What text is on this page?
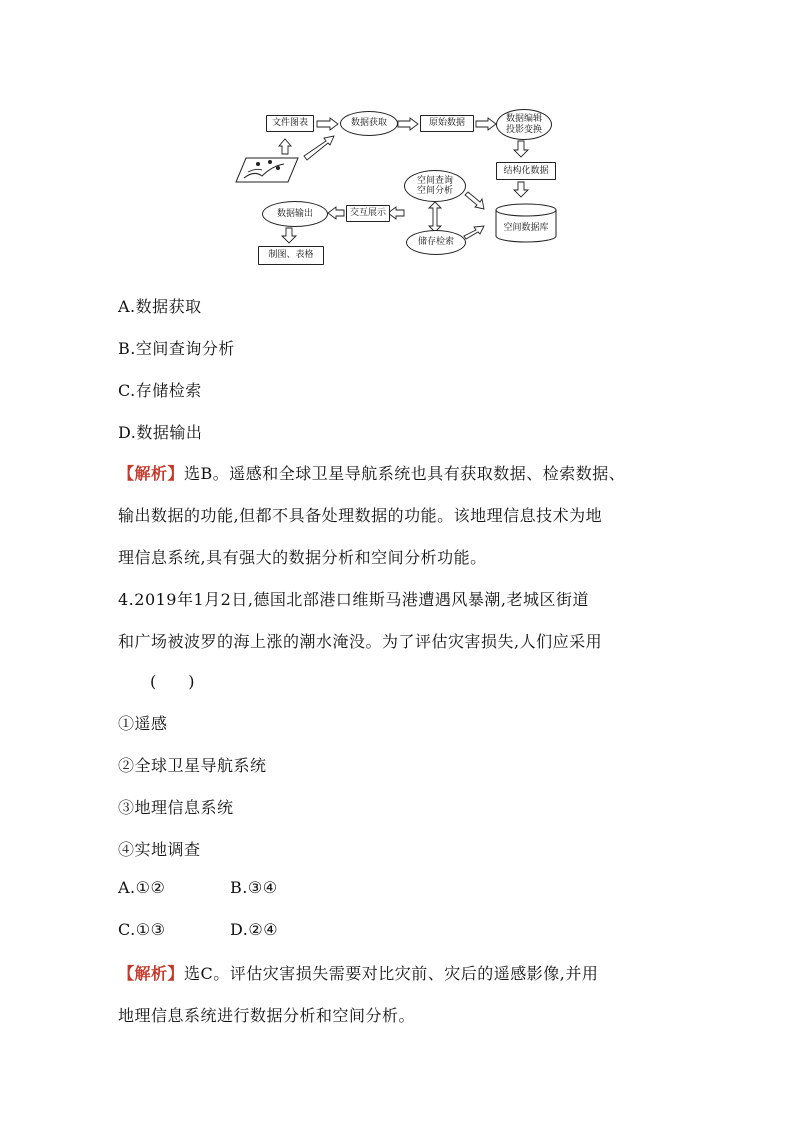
文件图表	数据获取	原始数据	数据编辑
投影变换
结构化数据
空间查询
空间分析
交互展示
数据输出
储存检索
空间数据库
制图、表格
A.数据获取
B.空间查询分析
C.存储检索
D.数据输出
【解析】选B。遥感和全球卫星导航系统也具有获取数据、检索数据、
输出数据的功能,但都不具备处理数据的功能。该地理信息技术为地
理信息系统,具有强大的数据分析和空间分析功能。
4.2019年1月2日,德国北部港口维斯马港遭遇风暴潮,老城区街道
和广场被波罗的海上涨的潮水淹没。为了评估灾害损失,人们应采用
(　　)
①遥感
②全球卫星导航系统
③地理信息系统
④实地调查
A.①②	B.③④
C.①③	D.②④
【解析】选C。评估灾害损失需要对比灾前、灾后的遥感影像,并用
地理信息系统进行数据分析和空间分析。
